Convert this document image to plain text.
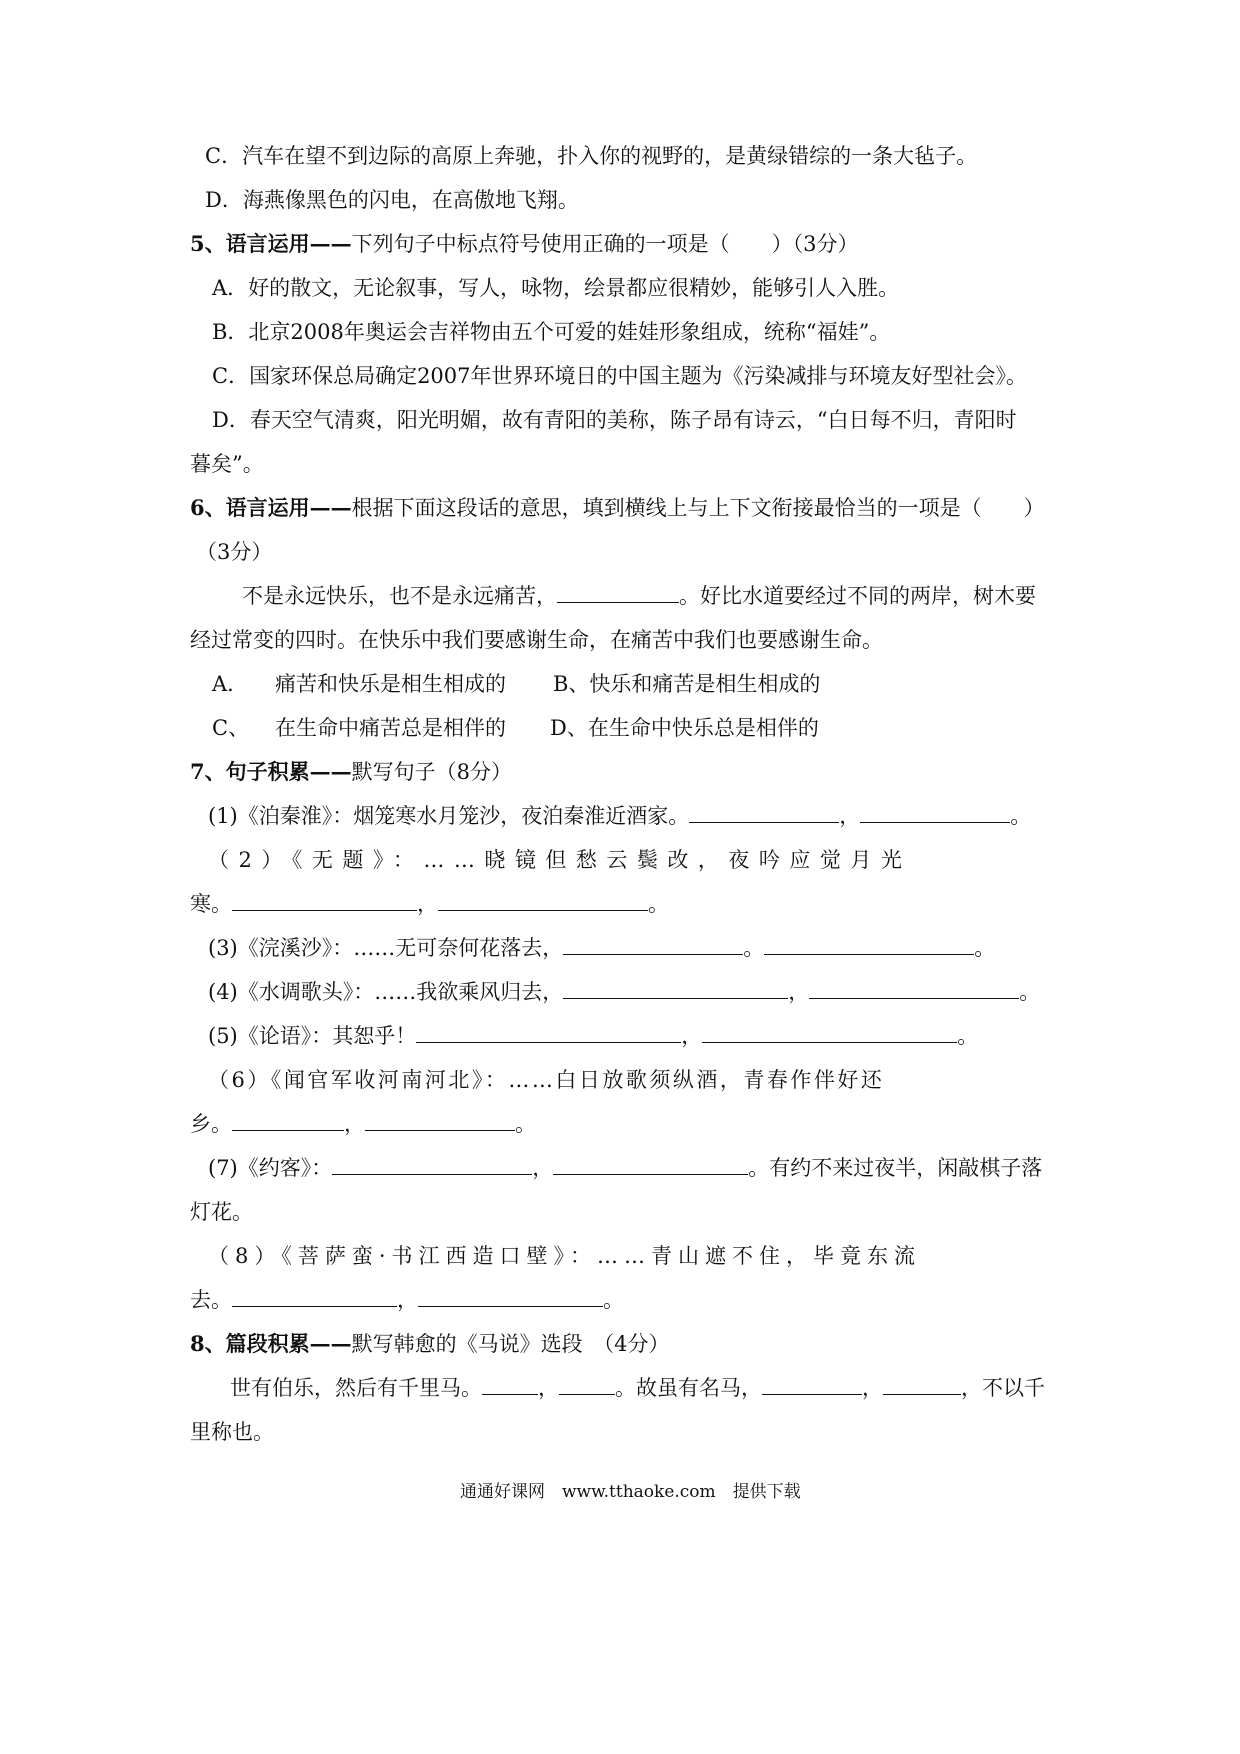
C．汽车在望不到边际的高原上奔驰，扑入你的视野的，是黄绿错综的一条大毡子。
D．海燕像黑色的闪电，在高傲地飞翔。
5、语言运用——下列句子中标点符号使用正确的一项是（　　）（3分）
A．好的散文，无论叙事，写人，咏物，绘景都应很精妙，能够引人入胜。
B．北京2008年奥运会吉祥物由五个可爱的娃娃形象组成，统称“福娃”。
C．国家环保总局确定2007年世界环境日的中国主题为《污染减排与环境友好型社会》。
D．春天空气清爽，阳光明媚，故有青阳的美称，陈子昂有诗云，“白日每不归，青阳时
暮矣”。
6、语言运用——根据下面这段话的意思，填到横线上与上下文衔接最恰当的一项是（　　）
（3分）
不是永远快乐，也不是永远痛苦，	。好比水道要经过不同的两岸，树木要
经过常变的四时。在快乐中我们要感谢生命，在痛苦中我们也要感谢生命。
A． 痛苦和快乐是相生相成的 B、快乐和痛苦是相生相成的
C、 在生命中痛苦总是相伴的 D、在生命中快乐总是相伴的
7、句子积累——默写句子（8分）
(1)《泊秦淮》：烟笼寒水月笼沙，夜泊秦淮近酒家。	，	。
（2）《无题》：……晓镜但愁云鬓改，夜吟应觉月光
寒。	，	。
(3)《浣溪沙》：……无可奈何花落去，	。	。
(4)《水调歌头》：……我欲乘风归去，	，	。
(5)《论语》：其恕乎！	，	。
（6）《闻官军收河南河北》：……白日放歌须纵酒，青春作伴好还
乡。	，	。
(7)《约客》：	，	。有约不来过夜半，闲敲棋子落
灯花。
（8）《菩萨蛮·书江西造口壁》：……青山遮不住，毕竟东流
去。	，	。
8、篇段积累——默写韩愈的《马说》选段　（4分）
世有伯乐，然后有千里马。	，	。故虽有名马，	，	，不以千
里称也。
通通好课网　www.tthaoke.com　提供下载
